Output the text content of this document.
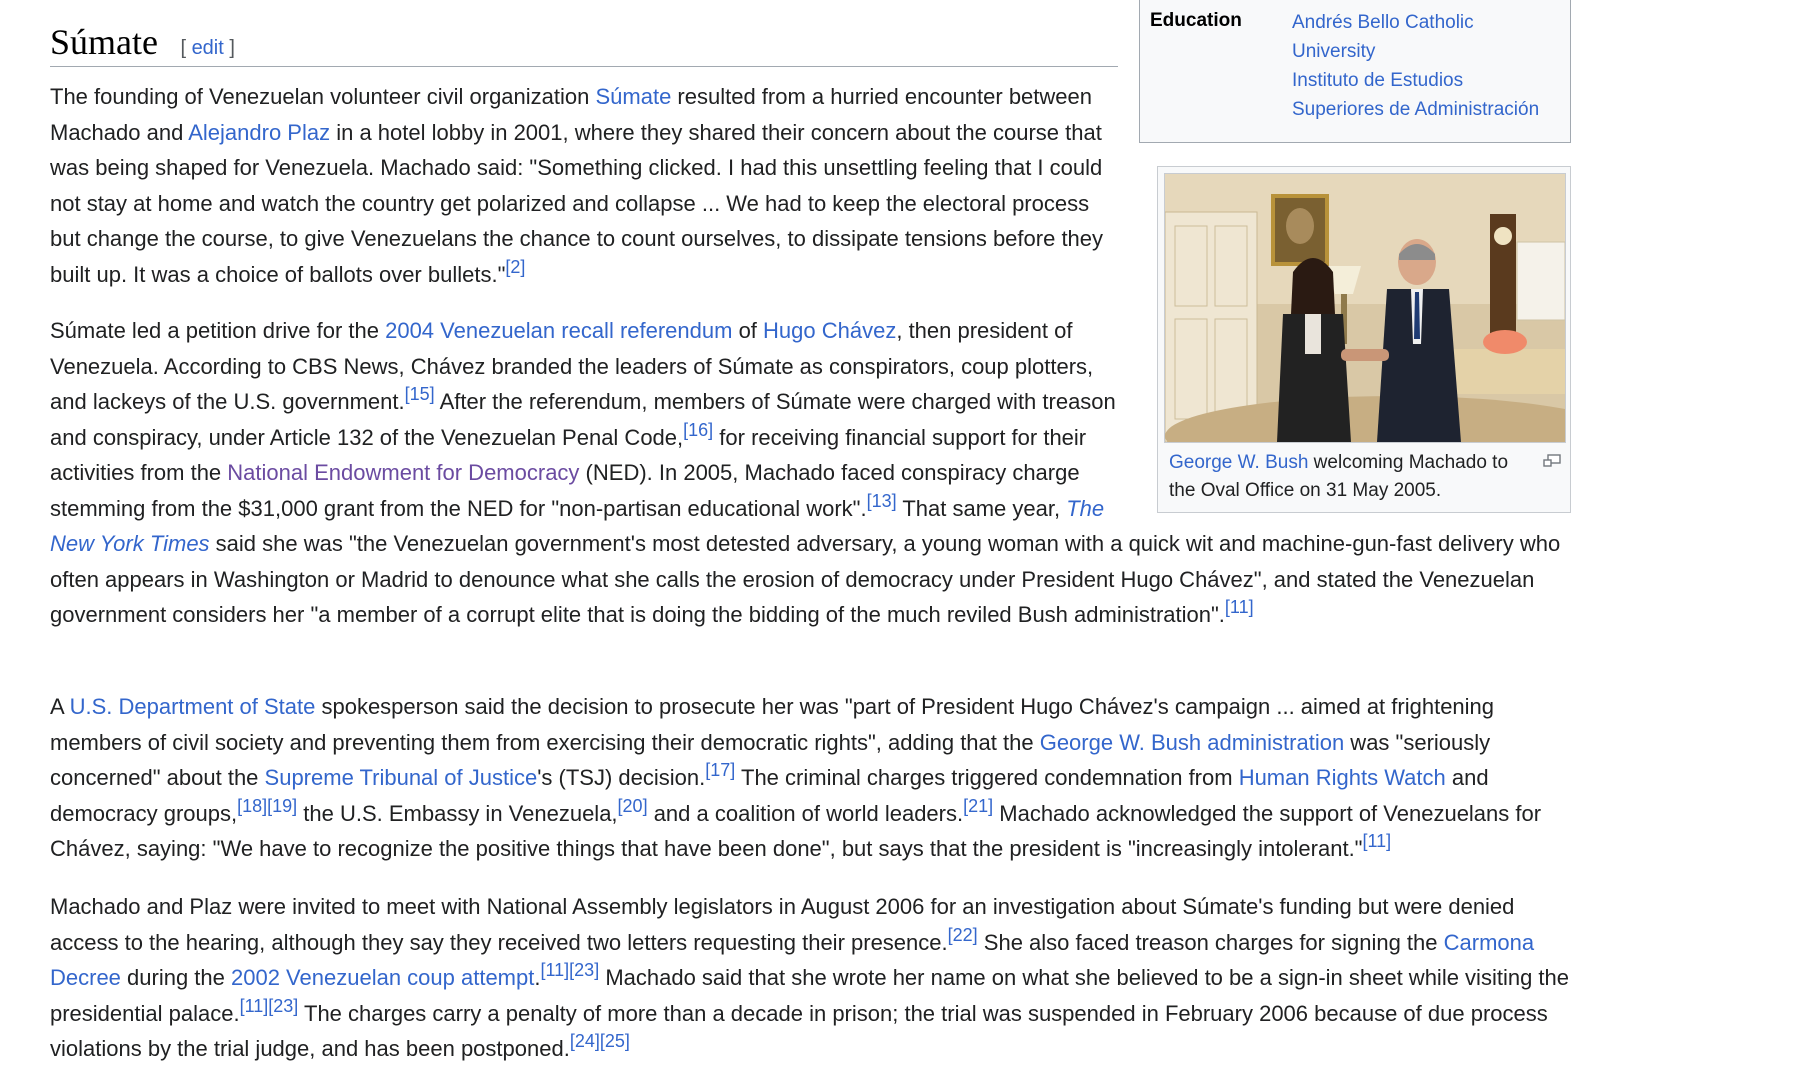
Súmate [ edit ]
Education	Andrés Bello Catholic
University
Instituto de Estudios
Superiores de Administración
George W. Bush welcoming Machado to the Oval Office on 31 May 2005.

The founding of Venezuelan volunteer civil organization Súmate resulted from a hurried encounter between Machado and Alejandro Plaz in a hotel lobby in 2001, where they shared their concern about the course that was being shaped for Venezuela. Machado said: "Something clicked. I had this unsettling feeling that I could not stay at home and watch the country get polarized and collapse ... We had to keep the electoral process but change the course, to give Venezuelans the chance to count ourselves, to dissipate tensions before they built up. It was a choice of ballots over bullets."[2]

Súmate led a petition drive for the 2004 Venezuelan recall referendum of Hugo Chávez, then president of Venezuela. According to CBS News, Chávez branded the leaders of Súmate as conspirators, coup plotters, and lackeys of the U.S. government.[15] After the referendum, members of Súmate were charged with treason and conspiracy, under Article 132 of the Venezuelan Penal Code,[16] for receiving financial support for their activities from the National Endowment for Democracy (NED). In 2005, Machado faced conspiracy charge stemming from the $31,000 grant from the NED for "non-partisan educational work".[13] That same year, The New York Times said she was "the Venezuelan government's most detested adversary, a young woman with a quick wit and machine-gun-fast delivery who often appears in Washington or Madrid to denounce what she calls the erosion of democracy under President Hugo Chávez", and stated the Venezuelan government considers her "a member of a corrupt elite that is doing the bidding of the much reviled Bush administration".[11]

A U.S. Department of State spokesperson said the decision to prosecute her was "part of President Hugo Chávez's campaign ... aimed at frightening members of civil society and preventing them from exercising their democratic rights", adding that the George W. Bush administration was "seriously concerned" about the Supreme Tribunal of Justice's (TSJ) decision.[17] The criminal charges triggered condemnation from Human Rights Watch and democracy groups,[18][19] the U.S. Embassy in Venezuela,[20] and a coalition of world leaders.[21] Machado acknowledged the support of Venezuelans for Chávez, saying: "We have to recognize the positive things that have been done", but says that the president is "increasingly intolerant."[11]

Machado and Plaz were invited to meet with National Assembly legislators in August 2006 for an investigation about Súmate's funding but were denied access to the hearing, although they say they received two letters requesting their presence.[22] She also faced treason charges for signing the Carmona Decree during the 2002 Venezuelan coup attempt.[11][23] Machado said that she wrote her name on what she believed to be a sign-in sheet while visiting the presidential palace.[11][23] The charges carry a penalty of more than a decade in prison; the trial was suspended in February 2006 because of due process violations by the trial judge, and has been postponed.[24][25]
